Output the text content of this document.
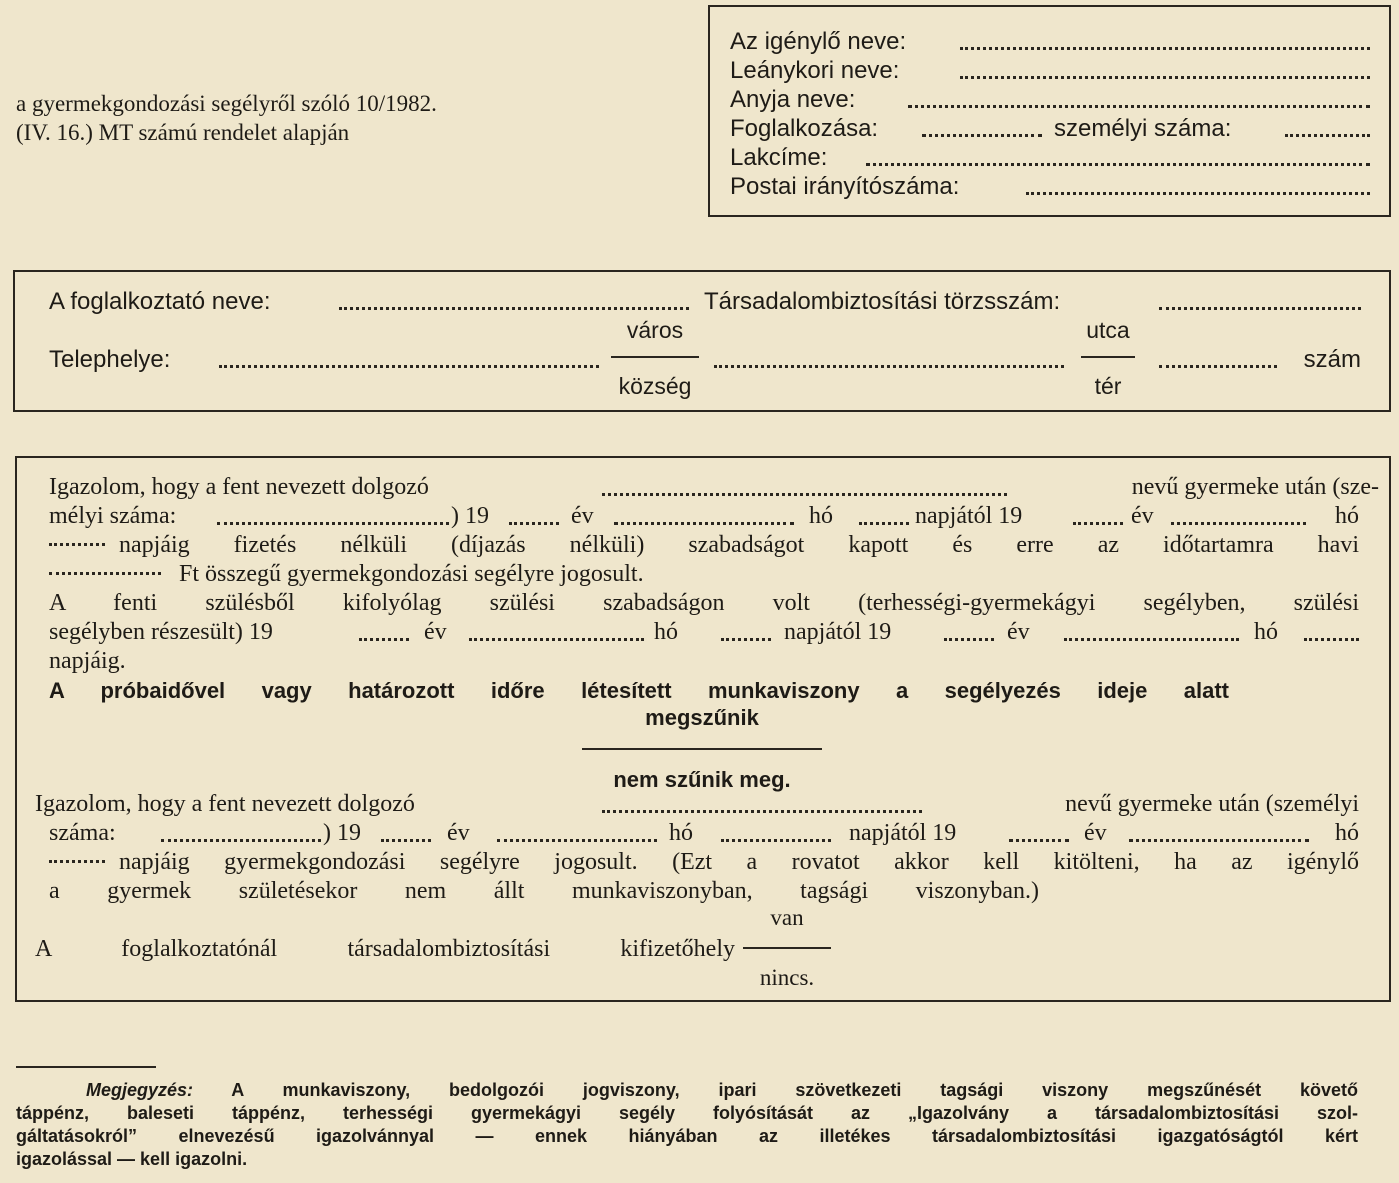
a gyermekgondozási segélyről szóló 10/1982.
(IV. 16.) MT számú rendelet alapján
Az igénylő neve:
Leánykori neve:
Anyja neve:
Foglalkozása:	személyi száma:
Lakcíme:
Postai irányítószáma:
A foglalkoztató neve:	Társadalombiztosítási törzsszám:
város
község
utca
tér
Telephelye:	szám
Igazolom, hogy a fent nevezett dolgozó	nevű gyermeke után (sze-
mélyi száma:	) 19	év	hó	napjától 19	év	hó
napjáig fizetés nélküli (díjazás nélküli) szabadságot kapott és erre az időtartamra havi
Ft összegű gyermekgondozási segélyre jogosult.
A fenti szülésből kifolyólag szülési szabadságon volt (terhességi-gyermekágyi segélyben, szülési
segélyben részesült) 19	év	hó	napjától 19	év	hó
napjáig.
A próbaidővel vagy határozott időre létesített munkaviszony a segélyezés ideje alatt
megszűnik
nem szűnik meg.
Igazolom, hogy a fent nevezett dolgozó	nevű gyermeke után (személyi
száma:	) 19	év	hó	napjától 19	év	hó
napjáig gyermekgondozási segélyre jogosult. (Ezt a rovatot akkor kell kitölteni, ha az igénylő
a gyermek születésekor nem állt munkaviszonyban, tagsági viszonyban.)
van
nincs.
A foglalkoztatónál társadalombiztosítási kifizetőhely
Megjegyzés: A munkaviszony, bedolgozói jogviszony, ipari szövetkezeti tagsági viszony megszűnését követő
táppénz, baleseti táppénz, terhességi gyermekágyi segély folyósítását az „Igazolvány a társadalombiztosítási szol-
gáltatásokról” elnevezésű igazolvánnyal — ennek hiányában az illetékes társadalombiztosítási igazgatóságtól kért
igazolással — kell igazolni.
